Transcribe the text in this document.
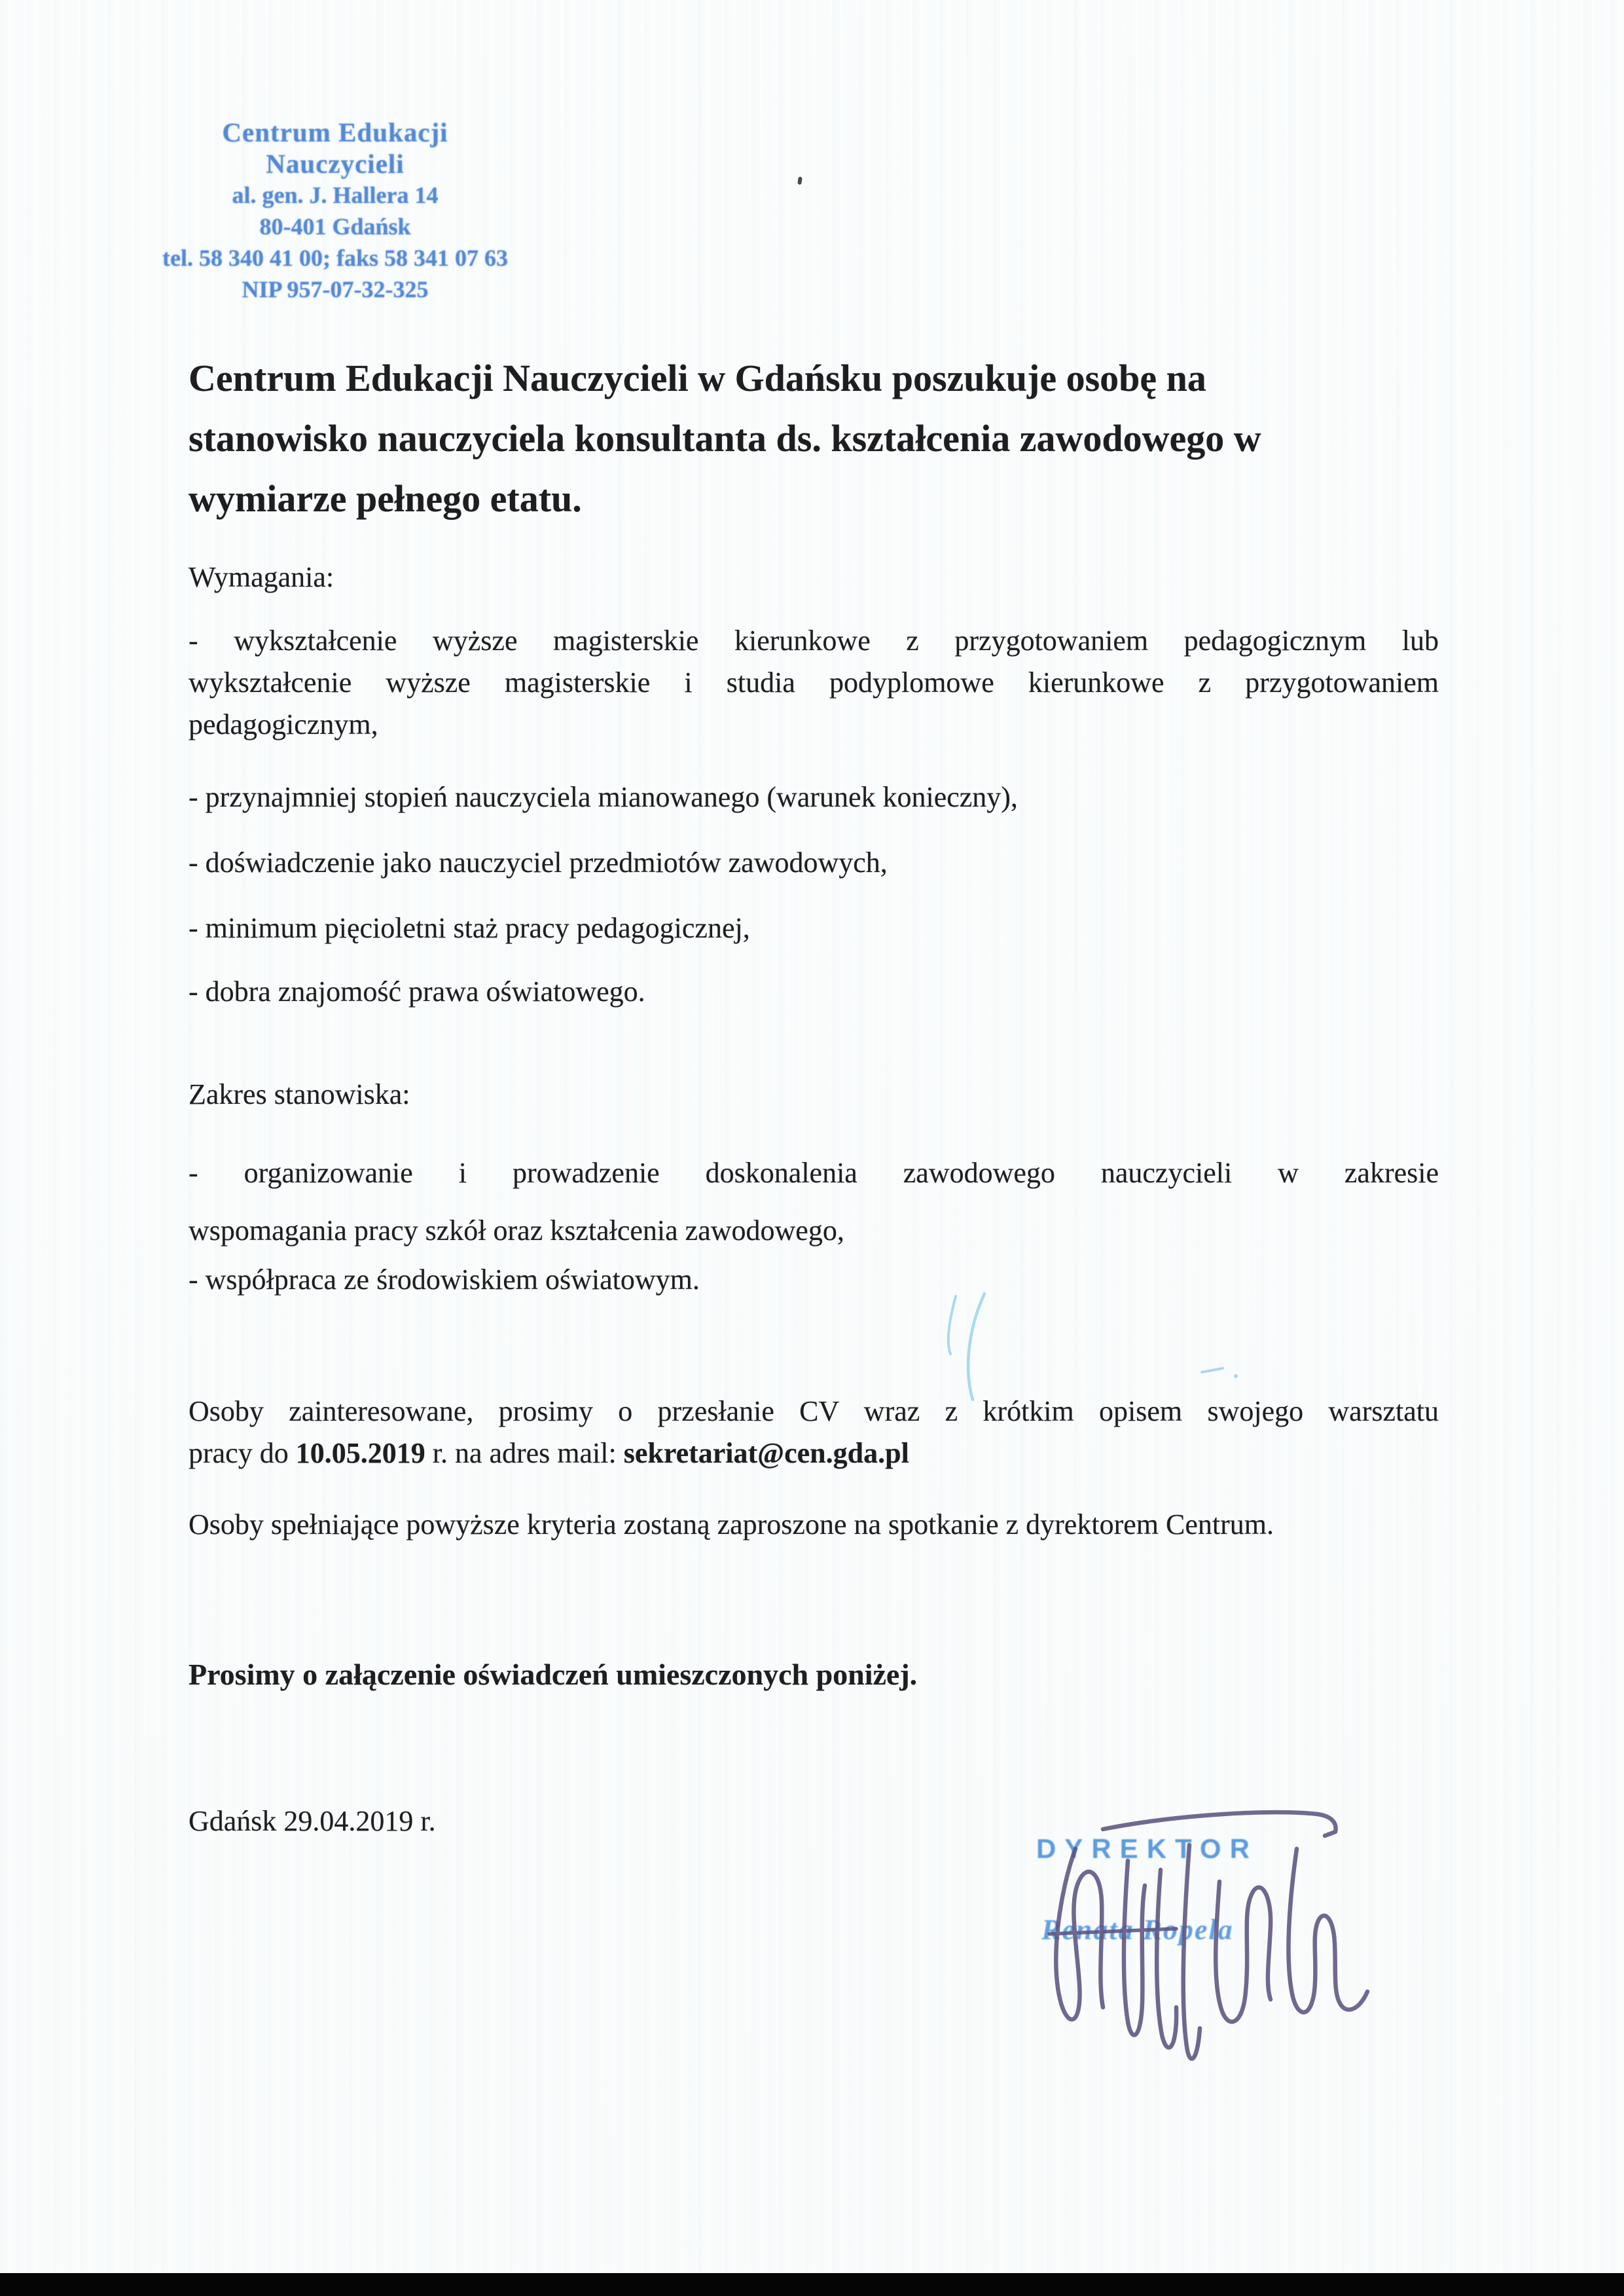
Centrum Edukacji Nauczycieli
al. gen. J. Hallera 14
80-401 Gdańsk
tel. 58 340 41 00; faks 58 341 07 63
NIP 957-07-32-325
Centrum Edukacji Nauczycieli w Gdańsku poszukuje osobę na
stanowisko nauczyciela konsultanta ds. kształcenia zawodowego w
wymiarze pełnego etatu.
Wymagania:
- wykształcenie wyższe magisterskie kierunkowe z przygotowaniem pedagogicznym lub
wykształcenie wyższe magisterskie i studia podyplomowe kierunkowe z przygotowaniem
pedagogicznym,
- przynajmniej stopień nauczyciela mianowanego (warunek konieczny),
- doświadczenie jako nauczyciel przedmiotów zawodowych,
- minimum pięcioletni staż pracy pedagogicznej,
- dobra znajomość prawa oświatowego.
Zakres stanowiska:
- organizowanie i prowadzenie doskonalenia zawodowego nauczycieli w zakresie
wspomagania pracy szkół oraz kształcenia zawodowego,
- współpraca ze środowiskiem oświatowym.
Osoby zainteresowane, prosimy o przesłanie CV wraz z krótkim opisem swojego warsztatu
pracy do 10.05.2019 r. na adres mail: sekretariat@cen.gda.pl
Osoby spełniające powyższe kryteria zostaną zaproszone na spotkanie z dyrektorem Centrum.
Prosimy o załączenie oświadczeń umieszczonych poniżej.
Gdańsk 29.04.2019 r.
DYREKTOR
Renata Ropela
